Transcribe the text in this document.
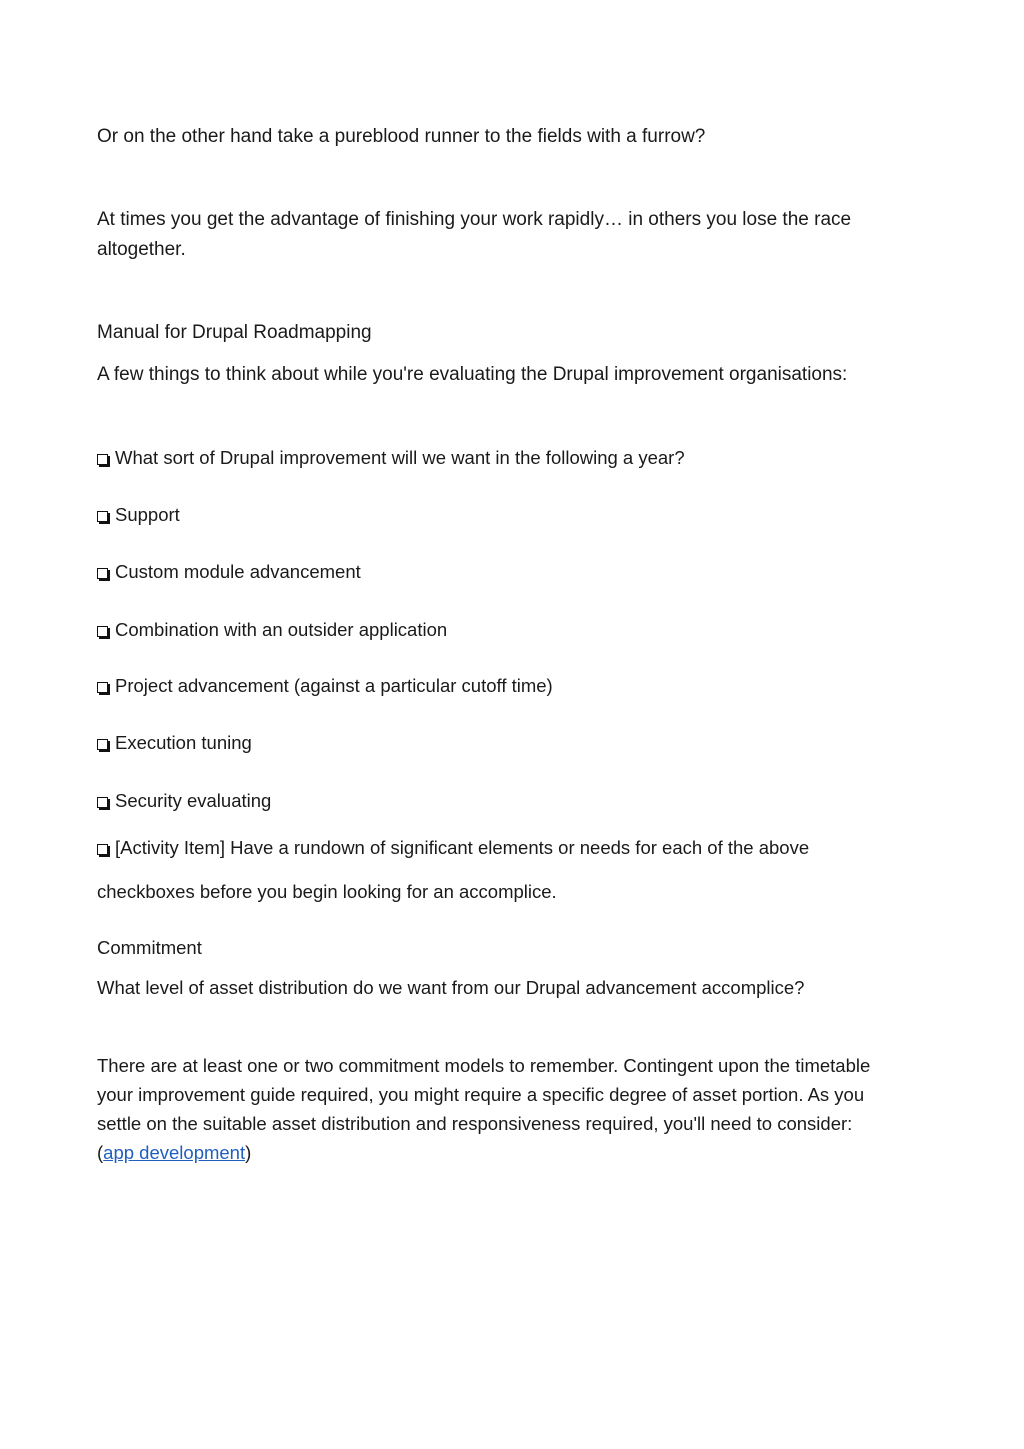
Or on the other hand take a pureblood runner to the fields with a furrow?
At times you get the advantage of finishing your work rapidly… in others you lose the race
altogether.
Manual for Drupal Roadmapping
A few things to think about while you're evaluating the Drupal improvement organisations:
What sort of Drupal improvement will we want in the following a year?
Support
Custom module advancement
Combination with an outsider application
Project advancement (against a particular cutoff time)
Execution tuning
Security evaluating
[Activity Item] Have a rundown of significant elements or needs for each of the above
checkboxes before you begin looking for an accomplice.
Commitment
What level of asset distribution do we want from our Drupal advancement accomplice?
There are at least one or two commitment models to remember. Contingent upon the timetable
your improvement guide required, you might require a specific degree of asset portion. As you
settle on the suitable asset distribution and responsiveness required, you'll need to consider:
(app development)
